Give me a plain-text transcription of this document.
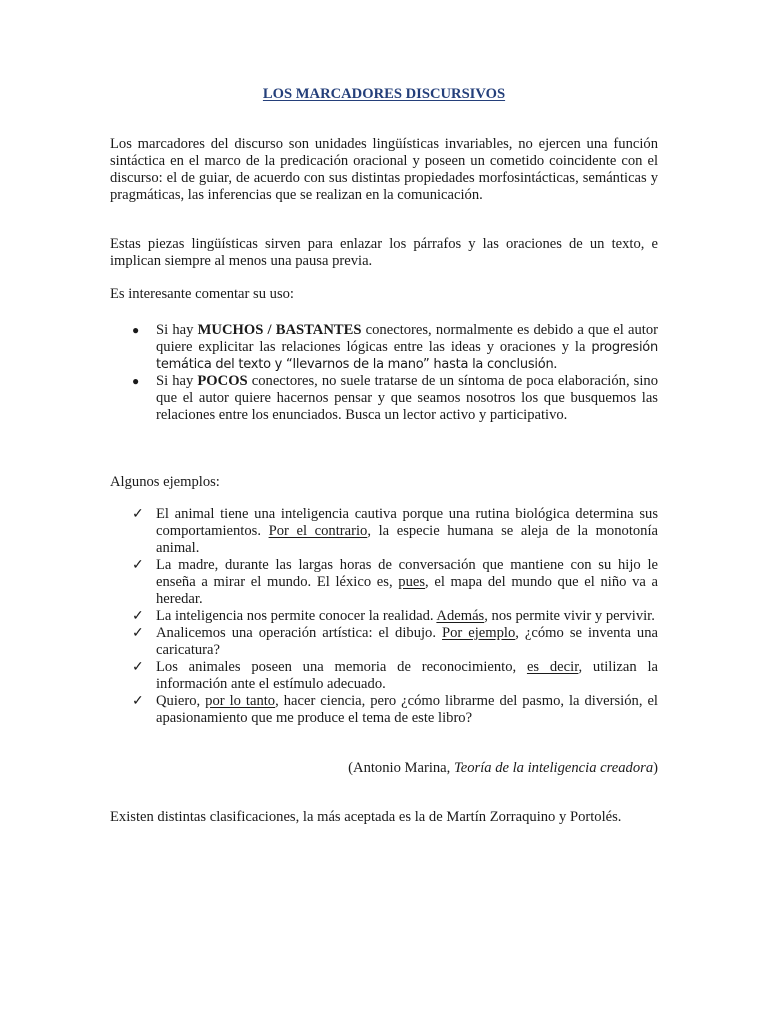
LOS MARCADORES DISCURSIVOS

Los marcadores del discurso son unidades lingüísticas invariables, no ejercen una función sintáctica en el marco de la predicación oracional y poseen un cometido coincidente con el discurso: el de guiar, de acuerdo con sus distintas propiedades morfosintácticas, semánticas y pragmáticas, las inferencias que se realizan en la comunicación.

Estas piezas lingüísticas sirven para enlazar los párrafos y las oraciones de un texto, e implican siempre al menos una pausa previa.

Es interesante comentar su uso:

● Si hay MUCHOS / BASTANTES conectores, normalmente es debido a que el autor quiere explicitar las relaciones lógicas entre las ideas y oraciones y la progresión temática del texto y “llevarnos de la mano” hasta la conclusión.
● Si hay POCOS conectores, no suele tratarse de un síntoma de poca elaboración, sino que el autor quiere hacernos pensar y que seamos nosotros los que busquemos las relaciones entre los enunciados. Busca un lector activo y participativo.

Algunos ejemplos:

✓ El animal tiene una inteligencia cautiva porque una rutina biológica determina sus comportamientos. Por el contrario, la especie humana se aleja de la monotonía animal.
✓ La madre, durante las largas horas de conversación que mantiene con su hijo le enseña a mirar el mundo. El léxico es, pues, el mapa del mundo que el niño va a heredar.
✓ La inteligencia nos permite conocer la realidad. Además, nos permite vivir y pervivir.
✓ Analicemos una operación artística: el dibujo. Por ejemplo, ¿cómo se inventa una caricatura?
✓ Los animales poseen una memoria de reconocimiento, es decir, utilizan la información ante el estímulo adecuado.
✓ Quiero, por lo tanto, hacer ciencia, pero ¿cómo librarme del pasmo, la diversión, el apasionamiento que me produce el tema de este libro?
(Antonio Marina, Teoría de la inteligencia creadora)

Existen distintas clasificaciones, la más aceptada es la de Martín Zorraquino y Portolés.
